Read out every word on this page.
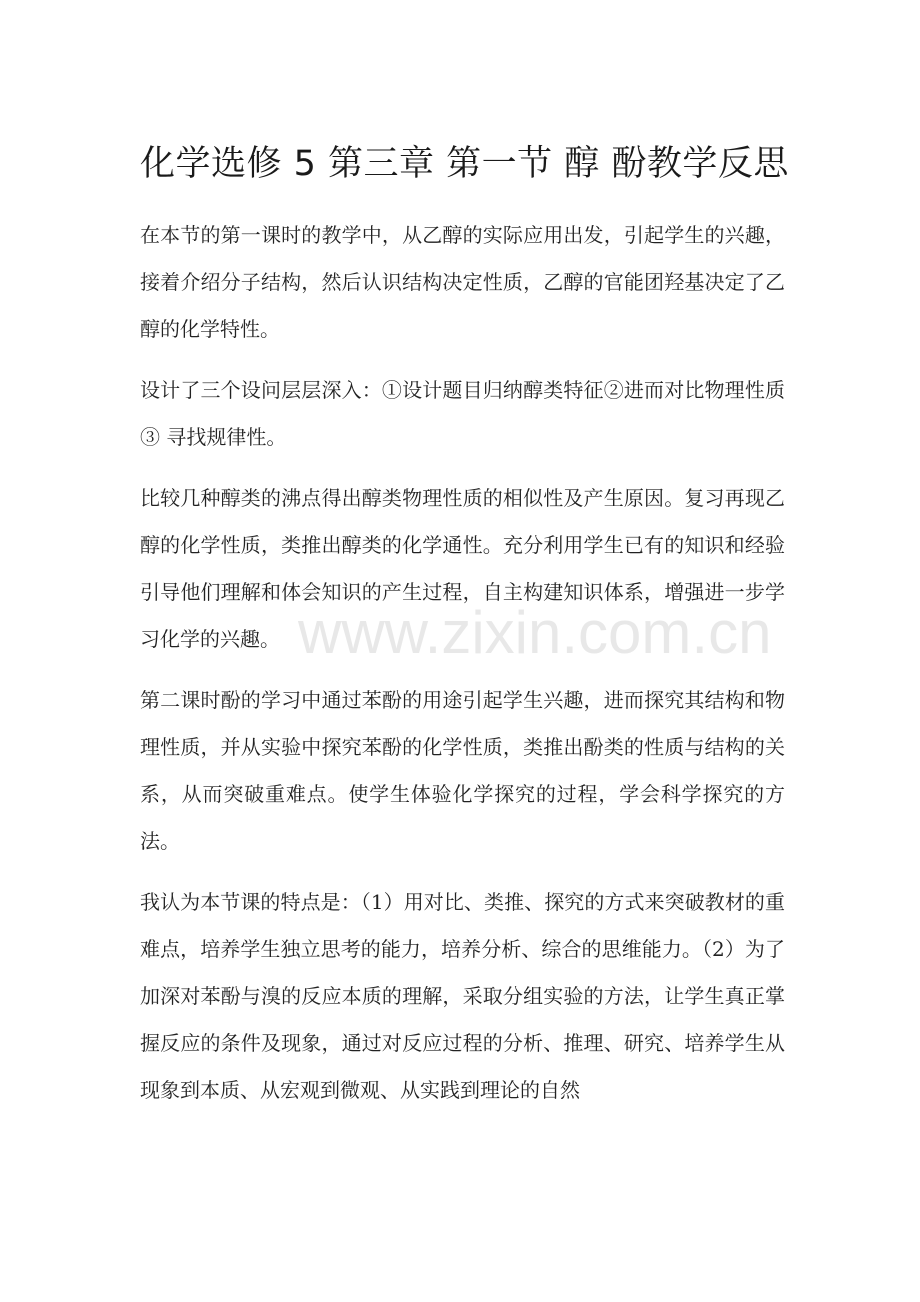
化学选修 5 第三章 第一节 醇 酚教学反思

在本节的第一课时的教学中，从乙醇的实际应用出发，引起学生的兴趣，接着介绍分子结构，然后认识结构决定性质，乙醇的官能团羟基决定了乙醇的化学特性。

设计了三个设问层层深入：①设计题目归纳醇类特征②进而对比物理性质③ 寻找规律性。

比较几种醇类的沸点得出醇类物理性质的相似性及产生原因。复习再现乙醇的化学性质，类推出醇类的化学通性。充分利用学生已有的知识和经验引导他们理解和体会知识的产生过程，自主构建知识体系，增强进一步学习化学的兴趣。

第二课时酚的学习中通过苯酚的用途引起学生兴趣，进而探究其结构和物理性质，并从实验中探究苯酚的化学性质，类推出酚类的性质与结构的关系，从而突破重难点。使学生体验化学探究的过程，学会科学探究的方法。

我认为本节课的特点是：（1）用对比、类推、探究的方式来突破教材的重难点，培养学生独立思考的能力，培养分析、综合的思维能力。（2）为了加深对苯酚与溴的反应本质的理解，采取分组实验的方法，让学生真正掌握反应的条件及现象，通过对反应过程的分析、推理、研究、培养学生从现象到本质、从宏观到微观、从实践到理论的自然

www.zixin.com.cn
